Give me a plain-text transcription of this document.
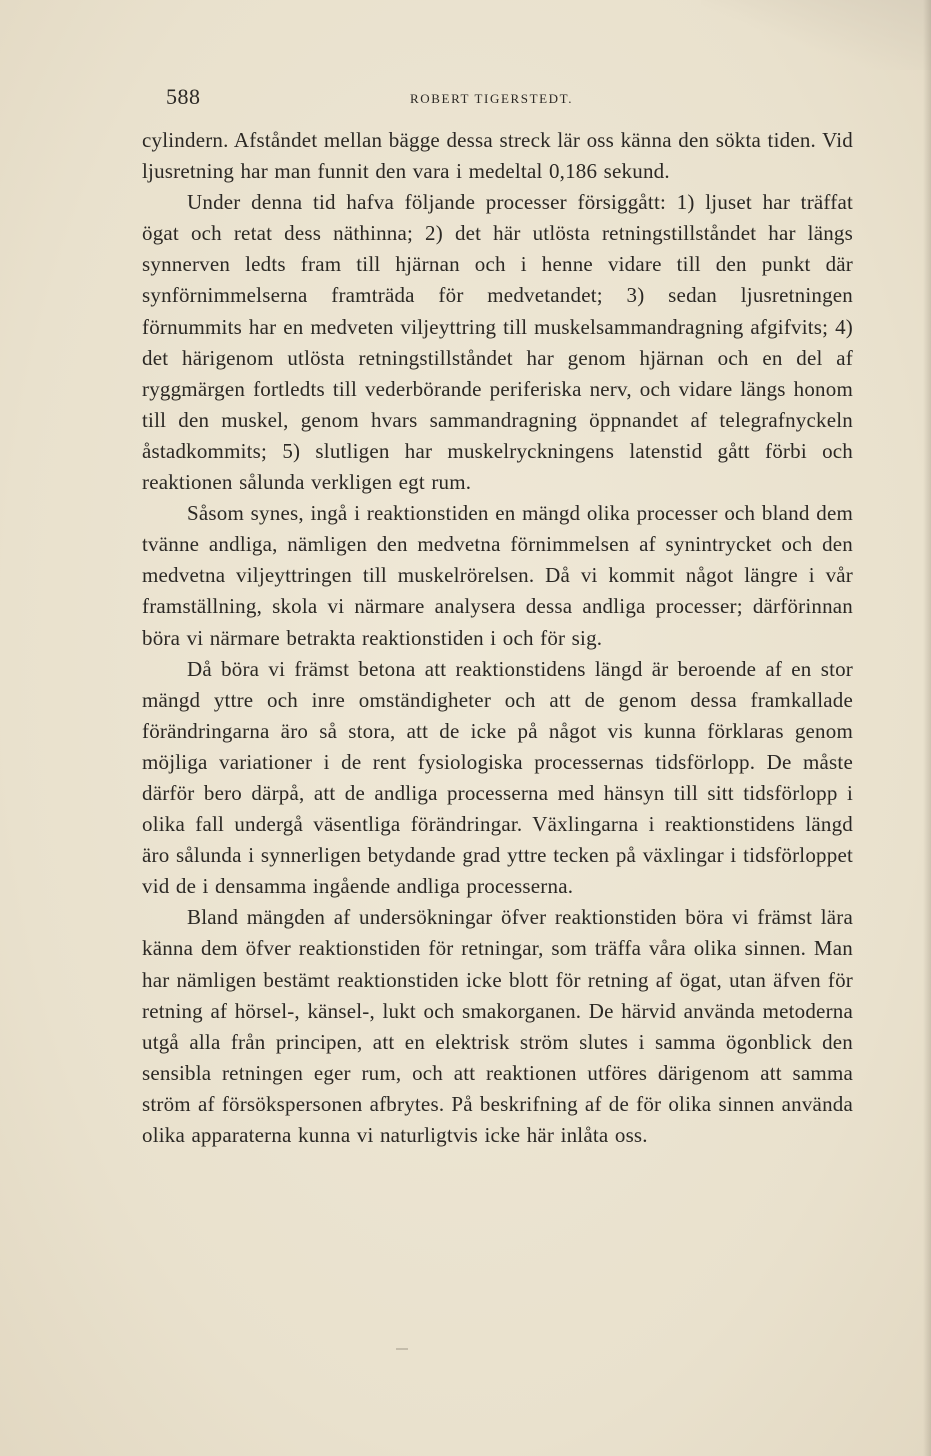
588	ROBERT TIGERSTEDT.

cylindern. Afståndet mellan bägge dessa streck lär oss känna den sökta tiden. Vid ljusretning har man funnit den vara i medeltal 0,186 sekund.

Under denna tid hafva följande processer försiggått: 1) ljuset har träffat ögat och retat dess näthinna; 2) det här utlösta retningstillståndet har längs synnerven ledts fram till hjärnan och i henne vidare till den punkt där synförnimmelserna framträda för medvetandet; 3) sedan ljusretningen förnummits har en medveten viljeyttring till muskelsammandragning afgifvits; 4) det härigenom utlösta retningstillståndet har genom hjärnan och en del af ryggmärgen fortledts till vederbörande periferiska nerv, och vidare längs honom till den muskel, genom hvars sammandragning öppnandet af telegrafnyckeln åstadkommits; 5) slutligen har muskelryckningens latenstid gått förbi och reaktionen sålunda verkligen egt rum.

Såsom synes, ingå i reaktionstiden en mängd olika processer och bland dem tvänne andliga, nämligen den medvetna förnimmelsen af synintrycket och den medvetna viljeyttringen till muskelrörelsen. Då vi kommit något längre i vår framställning, skola vi närmare analysera dessa andliga processer; därförinnan böra vi närmare betrakta reaktionstiden i och för sig.

Då böra vi främst betona att reaktionstidens längd är beroende af en stor mängd yttre och inre omständigheter och att de genom dessa framkallade förändringarna äro så stora, att de icke på något vis kunna förklaras genom möjliga variationer i de rent fysiologiska processernas tidsförlopp. De måste därför bero därpå, att de andliga processerna med hänsyn till sitt tidsförlopp i olika fall undergå väsentliga förändringar. Växlingarna i reaktionstidens längd äro sålunda i synnerligen betydande grad yttre tecken på växlingar i tidsförloppet vid de i densamma ingående andliga processerna.

Bland mängden af undersökningar öfver reaktionstiden böra vi främst lära känna dem öfver reaktionstiden för retningar, som träffa våra olika sinnen. Man har nämligen bestämt reaktionstiden icke blott för retning af ögat, utan äfven för retning af hörsel-, känsel-, lukt och smakorganen. De härvid använda metoderna utgå alla från principen, att en elektrisk ström slutes i samma ögonblick den sensibla retningen eger rum, och att reaktionen utföres därigenom att samma ström af försökspersonen afbrytes. På beskrifning af de för olika sinnen använda olika apparaterna kunna vi naturligtvis icke här inlåta oss.
